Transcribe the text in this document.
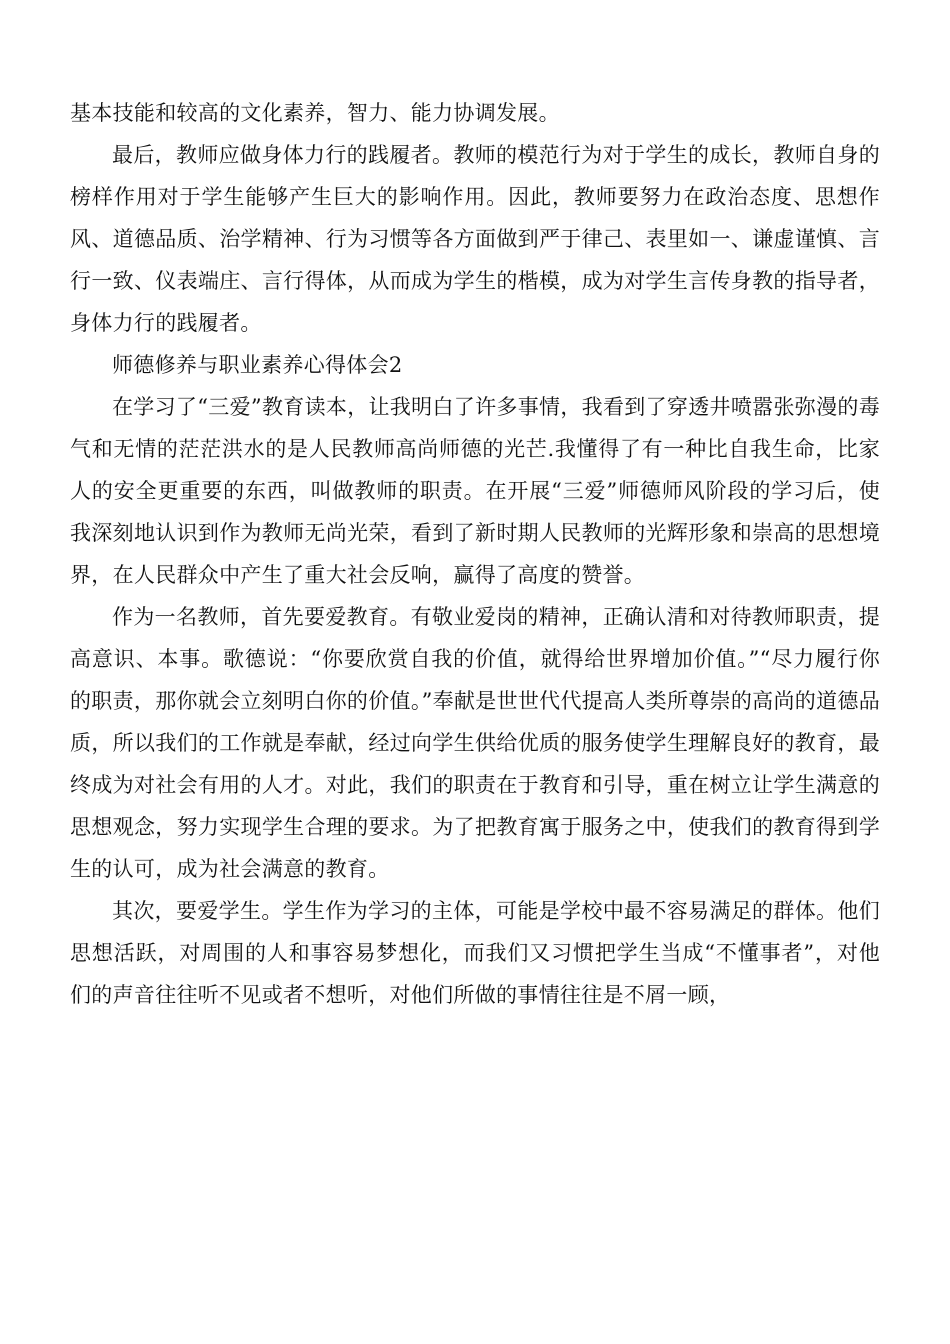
基本技能和较高的文化素养，智力、能力协调发展。

最后，教师应做身体力行的践履者。教师的模范行为对于学生的成长，教师自身的榜样作用对于学生能够产生巨大的影响作用。因此，教师要努力在政治态度、思想作风、道德品质、治学精神、行为习惯等各方面做到严于律己、表里如一、谦虚谨慎、言行一致、仪表端庄、言行得体，从而成为学生的楷模，成为对学生言传身教的指导者，身体力行的践履者。

师德修养与职业素养心得体会2

在学习了“三爱”教育读本，让我明白了许多事情，我看到了穿透井喷嚣张弥漫的毒气和无情的茫茫洪水的是人民教师高尚师德的光芒.我懂得了有一种比自我生命，比家人的安全更重要的东西，叫做教师的职责。在开展“三爱”师德师风阶段的学习后，使我深刻地认识到作为教师无尚光荣，看到了新时期人民教师的光辉形象和崇高的思想境界，在人民群众中产生了重大社会反响，赢得了高度的赞誉。

作为一名教师，首先要爱教育。有敬业爱岗的精神，正确认清和对待教师职责，提高意识、本事。歌德说：“你要欣赏自我的价值，就得给世界增加价值。”“尽力履行你的职责，那你就会立刻明白你的价值。”奉献是世世代代提高人类所尊崇的高尚的道德品质，所以我们的工作就是奉献，经过向学生供给优质的服务使学生理解良好的教育，最终成为对社会有用的人才。对此，我们的职责在于教育和引导，重在树立让学生满意的思想观念，努力实现学生合理的要求。为了把教育寓于服务之中，使我们的教育得到学生的认可，成为社会满意的教育。

其次，要爱学生。学生作为学习的主体，可能是学校中最不容易满足的群体。他们思想活跃，对周围的人和事容易梦想化，而我们又习惯把学生当成“不懂事者”，对他们的声音往往听不见或者不想听，对他们所做的事情往往是不屑一顾，
